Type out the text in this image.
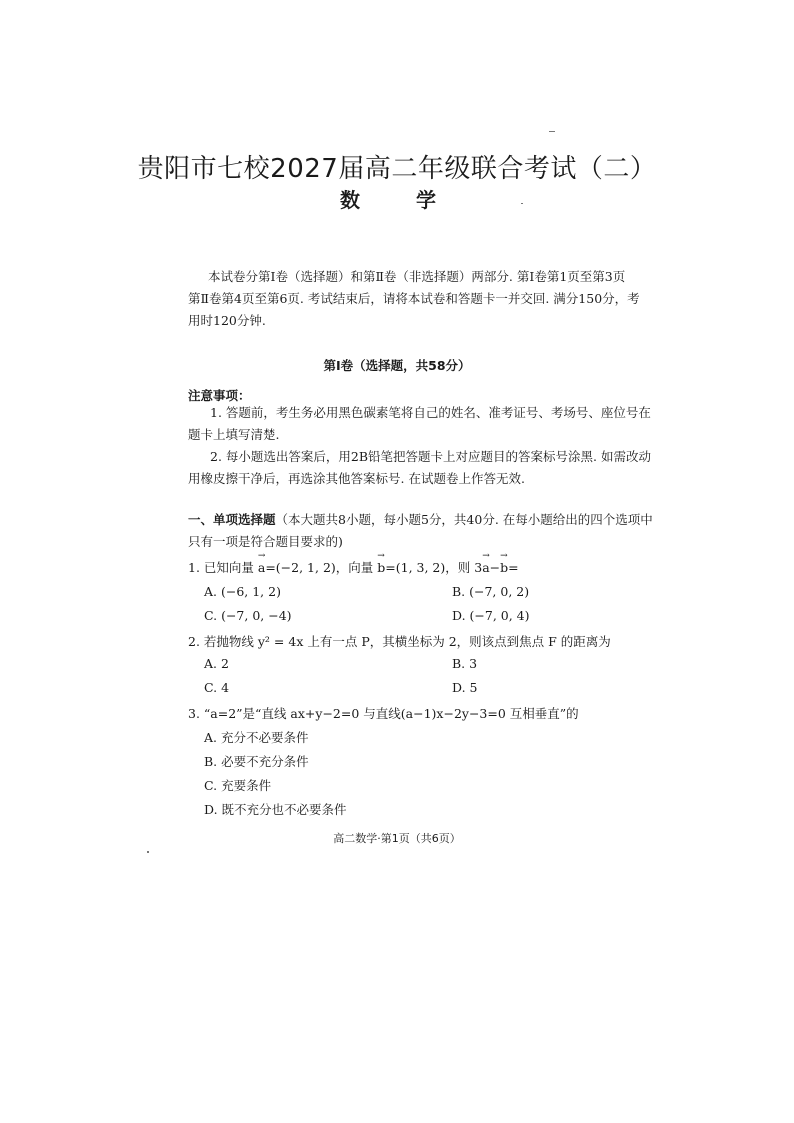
贵阳市七校2027届高二年级联合考试（二）
数　学
本试卷分第Ⅰ卷（选择题）和第Ⅱ卷（非选择题）两部分. 第Ⅰ卷第1页至第3页
第Ⅱ卷第4页至第6页. 考试结束后，请将本试卷和答题卡一并交回. 满分150分，考
用时120分钟.
第Ⅰ卷（选择题，共58分）
注意事项：
1. 答题前，考生务必用黑色碳素笔将自己的姓名、准考证号、考场号、座位号在
题卡上填写清楚.
2. 每小题选出答案后，用2B铅笔把答题卡上对应题目的答案标号涂黑. 如需改动
用橡皮擦干净后，再选涂其他答案标号. 在试题卷上作答无效.
一、单项选择题（本大题共8小题，每小题5分，共40分. 在每小题给出的四个选项中
只有一项是符合题目要求的)
1. 已知向量 → a=(−2, 1, 2)，向量 → b=(1, 3, 2)，则 3→ a−→ b=
A. (−6, 1, 2)	B. (−7, 0, 2)
C. (−7, 0, −4)	D. (−7, 0, 4)
2. 若抛物线 y² = 4x 上有一点 P，其横坐标为 2，则该点到焦点 F 的距离为
A. 2	B. 3
C. 4	D. 5
3. “a=2”是“直线 ax+y−2=0 与直线(a−1)x−2y−3=0 互相垂直”的
A. 充分不必要条件
B. 必要不充分条件
C. 充要条件
D. 既不充分也不必要条件
高二数学·第1页（共6页）
